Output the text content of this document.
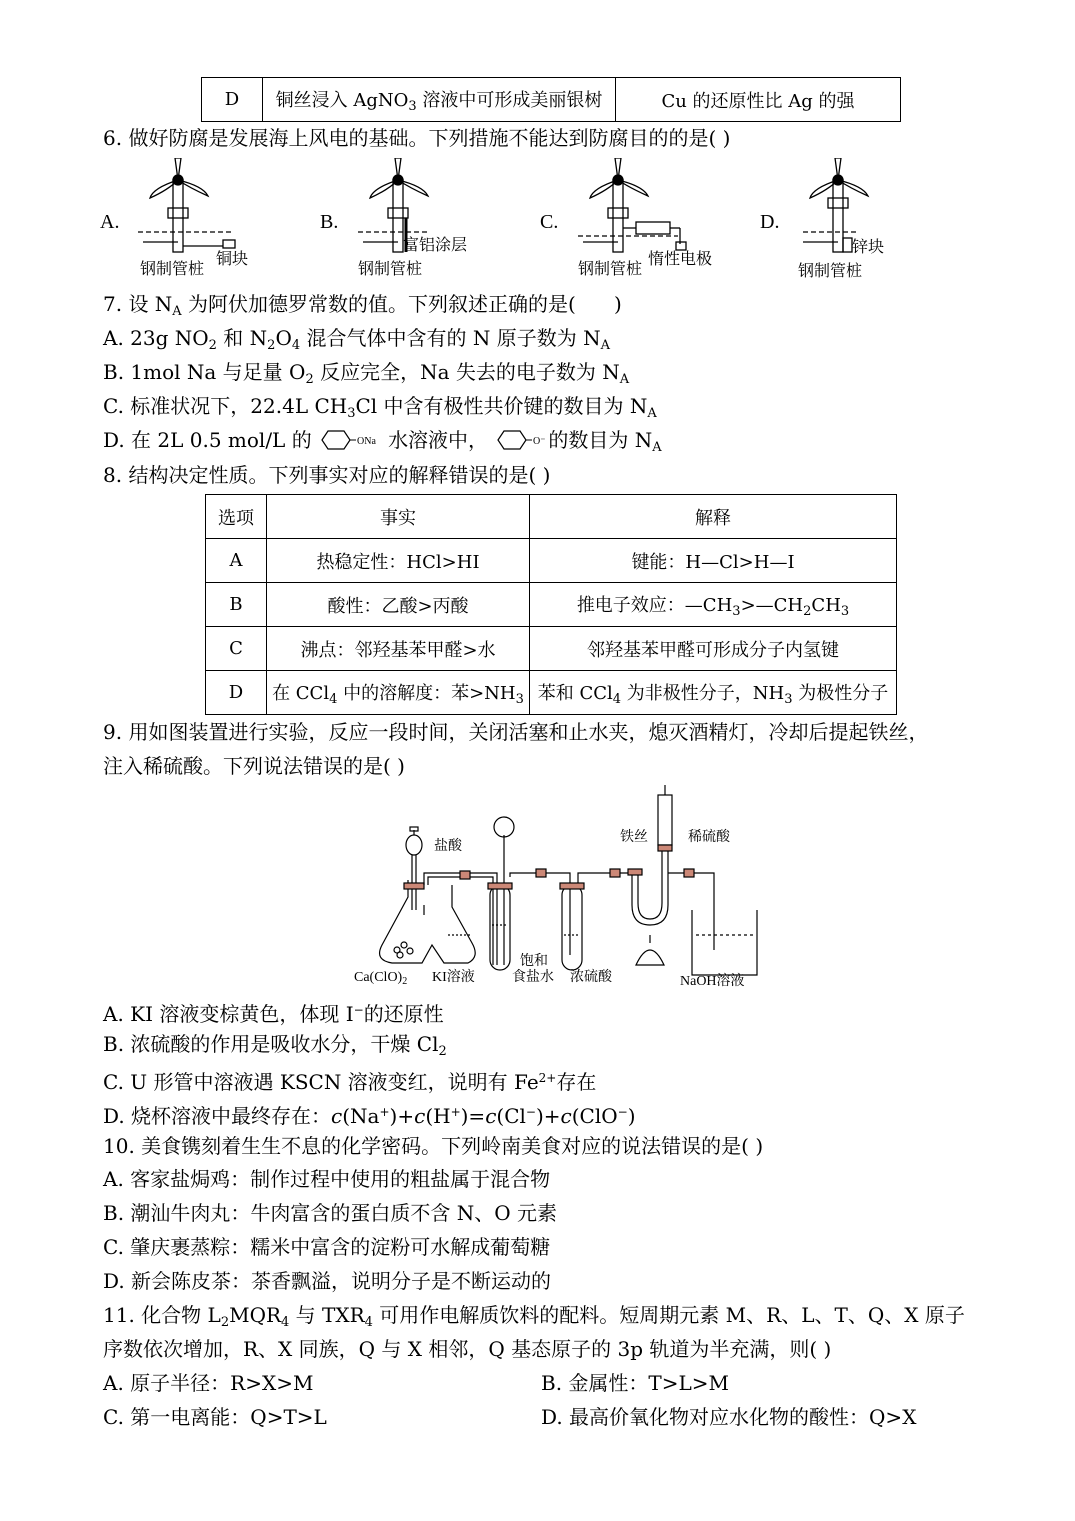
D	铜丝浸入 AgNO$_3$ 溶液中可形成美丽银树	Cu 的还原性比 Ag 的强
6. 做好防腐是发展海上风电的基础。下列措施不能达到防腐目的的是( )
A.	B.	C.	D.
钢制管桩
铜块
钢制管桩
富铝涂层
钢制管桩
惰性电极
钢制管桩
锌块
7. 设 $N_A$ 为阿伏加德罗常数的值。下列叙述正确的是(      )
A. 23g $NO_2$ 和 $N_2O_4$ 混合气体中含有的 N 原子数为 $N_A$
B. 1mol Na 与足量 $O_2$ 反应完全，Na 失去的电子数为 $N_A$
C. 标准状况下，22.4L $CH_3Cl$ 中含有极性共价键的数目为 $N_A$
D. 在 2L 0.5 mol/L 的	ONa 水溶液中，	O⁻ 的数目为 $N_A$
8. 结构决定性质。下列事实对应的解释错误的是( )
选项	事实	解释
A	热稳定性：HCl>HI	键能：H—Cl>H—I
B	酸性：乙酸>丙酸	推电子效应：$—CH_3>—CH_2CH_3$
C	沸点：邻羟基苯甲醛>水	邻羟基苯甲醛可形成分子内氢键
D	在 CCl$_4$ 中的溶解度：苯$>NH_3$	苯和 CCl$_4$ 为非极性分子，$NH_3$ 为极性分子
9. 用如图装置进行实验，反应一段时间，关闭活塞和止水夹，熄灭酒精灯，冷却后提起铁丝，
注入稀硫酸。下列说法错误的是( )
盐酸
$Ca(ClO)_2$ KI溶液
饱和
食盐水 浓硫酸
铁丝	稀硫酸
NaOH溶液
A. KI 溶液变棕黄色，体现 I−的还原性
B. 浓硫酸的作用是吸收水分，干燥 $Cl_2$
C. U 形管中溶液遇 KSCN 溶液变红，说明有 $Fe^{2+}$存在
D. 烧杯溶液中最终存在：c(Na+)+c(H+)=c(Cl−)+c(ClO−)
10. 美食镌刻着生生不息的化学密码。下列岭南美食对应的说法错误的是( )
A. 客家盐焗鸡：制作过程中使用的粗盐属于混合物
B. 潮汕牛肉丸：牛肉富含的蛋白质不含 N、O 元素
C. 肇庆裹蒸粽：糯米中富含的淀粉可水解成葡萄糖
D. 新会陈皮茶：茶香飘溢，说明分子是不断运动的
11. 化合物 $L_2MQR_4$ 与 $TXR_4$ 可用作电解质饮料的配料。短周期元素 M、R、L、T、Q、X 原子
序数依次增加，R、X 同族，Q 与 X 相邻，Q 基态原子的 3p 轨道为半充满，则( )
A. 原子半径：R>X>M	B. 金属性：T>L>M
C. 第一电离能：Q>T>L	D. 最高价氧化物对应水化物的酸性：Q>X
